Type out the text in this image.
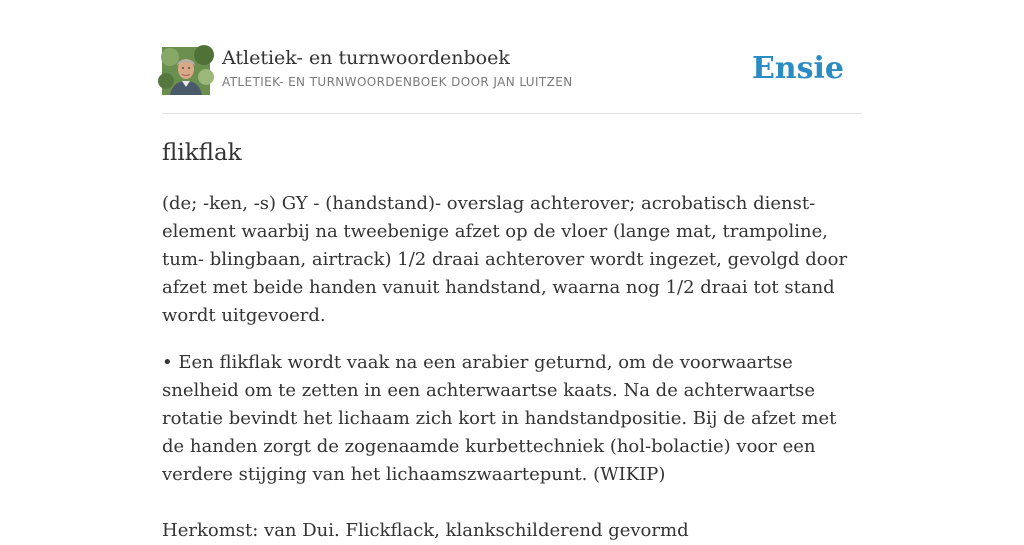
Atletiek- en turnwoordenboek
ATLETIEK- EN TURNWOORDENBOEK DOOR JAN LUITZEN	Ensie
flikflak

(de; -ken, -s) GY - (handstand)- overslag achterover; acrobatisch dienst-element waarbij na tweebenige afzet op de vloer (lange mat, trampoline, tum- blingbaan, airtrack) 1/2 draai achterover wordt ingezet, gevolgd door afzet met beide handen vanuit handstand, waarna nog 1/2 draai tot stand wordt uitgevoerd.

• Een flikflak wordt vaak na een arabier geturnd, om de voorwaartse snelheid om te zetten in een achterwaartse kaats. Na de achterwaartse rotatie bevindt het lichaam zich kort in handstandpositie. Bij de afzet met de handen zorgt de zogenaamde kurbettechniek (hol-bolactie) voor een verdere stijging van het lichaamszwaartepunt. (WIKIP)

Herkomst: van Dui. Flickflack, klankschilderend gevormd
